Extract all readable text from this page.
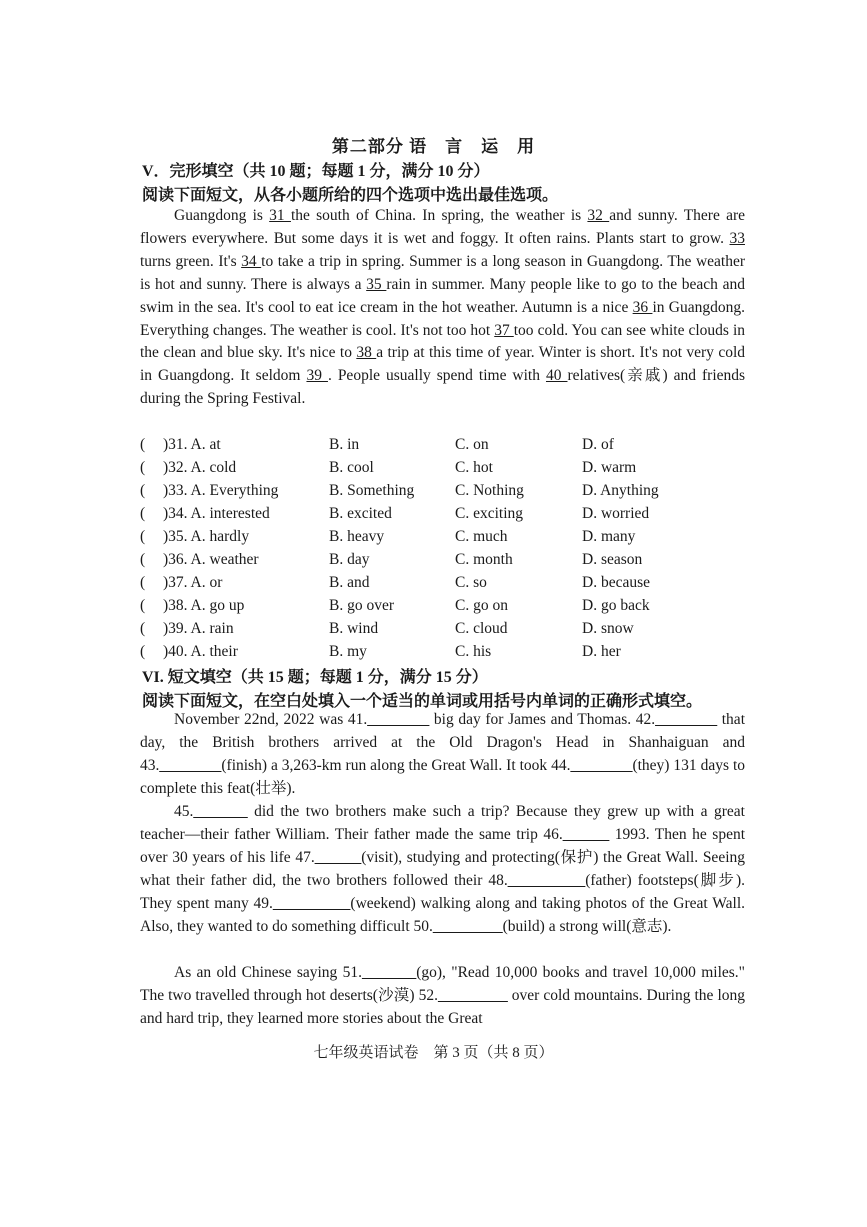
第二部分 语　言　运　用
V．完形填空（共 10 题；每题 1 分，满分 10 分）
阅读下面短文，从各小题所给的四个选项中选出最佳选项。
Guangdong is 31 the south of China. In spring, the weather is 32 and sunny. There are flowers everywhere. But some days it is wet and foggy. It often rains. Plants start to grow. 33 turns green. It's 34 to take a trip in spring. Summer is a long season in Guangdong. The weather is hot and sunny. There is always a 35 rain in summer. Many people like to go to the beach and swim in the sea. It's cool to eat ice cream in the hot weather. Autumn is a nice 36 in Guangdong. Everything changes. The weather is cool. It's not too hot 37 too cold. You can see white clouds in the clean and blue sky. It's nice to 38 a trip at this time of year. Winter is short. It's not very cold in Guangdong. It seldom 39 . People usually spend time with 40 relatives(亲戚) and friends during the Spring Festival.
( )31. A. at	B. in	C. on	D. of
( )32. A. cold	B. cool	C. hot	D. warm
( )33. A. Everything	B. Something	C. Nothing	D. Anything
( )34. A. interested	B. excited	C. exciting	D. worried
( )35. A. hardly	B. heavy	C. much	D. many
( )36. A. weather	B. day	C. month	D. season
( )37. A. or	B. and	C. so	D. because
( )38. A. go up	B. go over	C. go on	D. go back
( )39. A. rain	B. wind	C. cloud	D. snow
( )40. A. their	B. my	C. his	D. her
VI. 短文填空（共 15 题；每题 1 分，满分 15 分）
阅读下面短文，在空白处填入一个适当的单词或用括号内单词的正确形式填空。
November 22nd, 2022 was 41.________ big day for James and Thomas. 42.________ that day, the British brothers arrived at the Old Dragon's Head in Shanhaiguan and 43.________(finish) a 3,263-km run along the Great Wall. It took 44.________(they) 131 days to complete this feat(壮举).
45._______ did the two brothers make such a trip? Because they grew up with a great teacher—their father William. Their father made the same trip 46.______ 1993. Then he spent over 30 years of his life 47.______(visit), studying and protecting(保护) the Great Wall. Seeing what their father did, the two brothers followed their 48.__________(father) footsteps(脚步). They spent many 49.__________(weekend) walking along and taking photos of the Great Wall. Also, they wanted to do something difficult 50._________(build) a strong will(意志).
As an old Chinese saying 51._______(go), "Read 10,000 books and travel 10,000 miles." The two travelled through hot deserts(沙漠) 52._________ over cold mountains. During the long and hard trip, they learned more stories about the Great
七年级英语试卷　第 3 页（共 8 页）
